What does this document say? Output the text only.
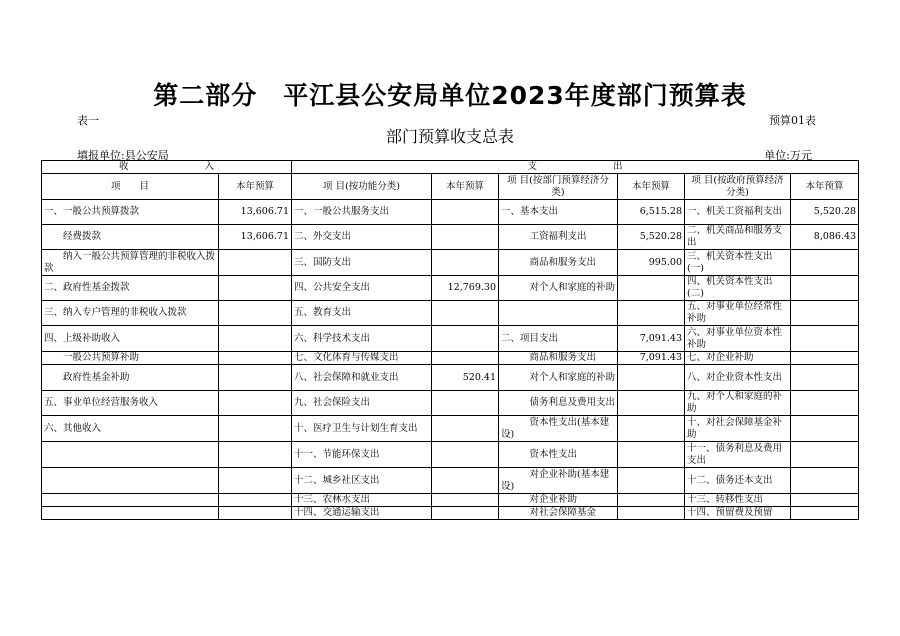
第二部分　平江县公安局单位2023年度部门预算表
表一	预算01表
部门预算收支总表
填报单位:县公安局	单位:万元
收　　　　　　　　入		支　　　　　　　　出					
项　　目	本年预算	项 目(按功能分类)	本年预算	项 目(按部门预算经济分类)	本年预算	项 目(按政府预算经济分类)	本年预算
一、一般公共预算拨款	13,606.71	一、一般公共服务支出		一、基本支出	6,515.28	一、机关工资福利支出	5,520.28
　　经费拨款	13,606.71	二、外交支出		　　　工资福利支出	5,520.28	二、机关商品和服务支出	8,086.43
　　纳入一般公共预算管理的非税收入拨款		三、国防支出		　　　商品和服务支出	995.00	三、机关资本性支出(一)	
二、政府性基金拨款		四、公共安全支出	12,769.30	　　　对个人和家庭的补助		四、机关资本性支出(二)	
三、纳入专户管理的非税收入拨款		五、教育支出				五、对事业单位经常性补助	
四、上级补助收入		六、科学技术支出		二、项目支出	7,091.43	六、对事业单位资本性补助	
　　一般公共预算补助		七、文化体育与传媒支出		　　　商品和服务支出	7,091.43	七、对企业补助	
　　政府性基金补助		八、社会保障和就业支出	520.41	　　　对个人和家庭的补助		八、对企业资本性支出	
五、事业单位经营服务收入		九、社会保险支出		　　　债务利息及费用支出		九、对个人和家庭的补助	
六、其他收入		十、医疗卫生与计划生育支出		　　　资本性支出(基本建设)		十、对社会保障基金补助	
		十一、节能环保支出		　　　资本性支出		十一、债务利息及费用支出	
		十二、城乡社区支出		　　　对企业补助(基本建设)		十二、债务还本支出	
		十三、农林水支出		　　　对企业补助		十三、转移性支出	
		十四、交通运输支出		　　　对社会保障基金		十四、预留费及预留	
